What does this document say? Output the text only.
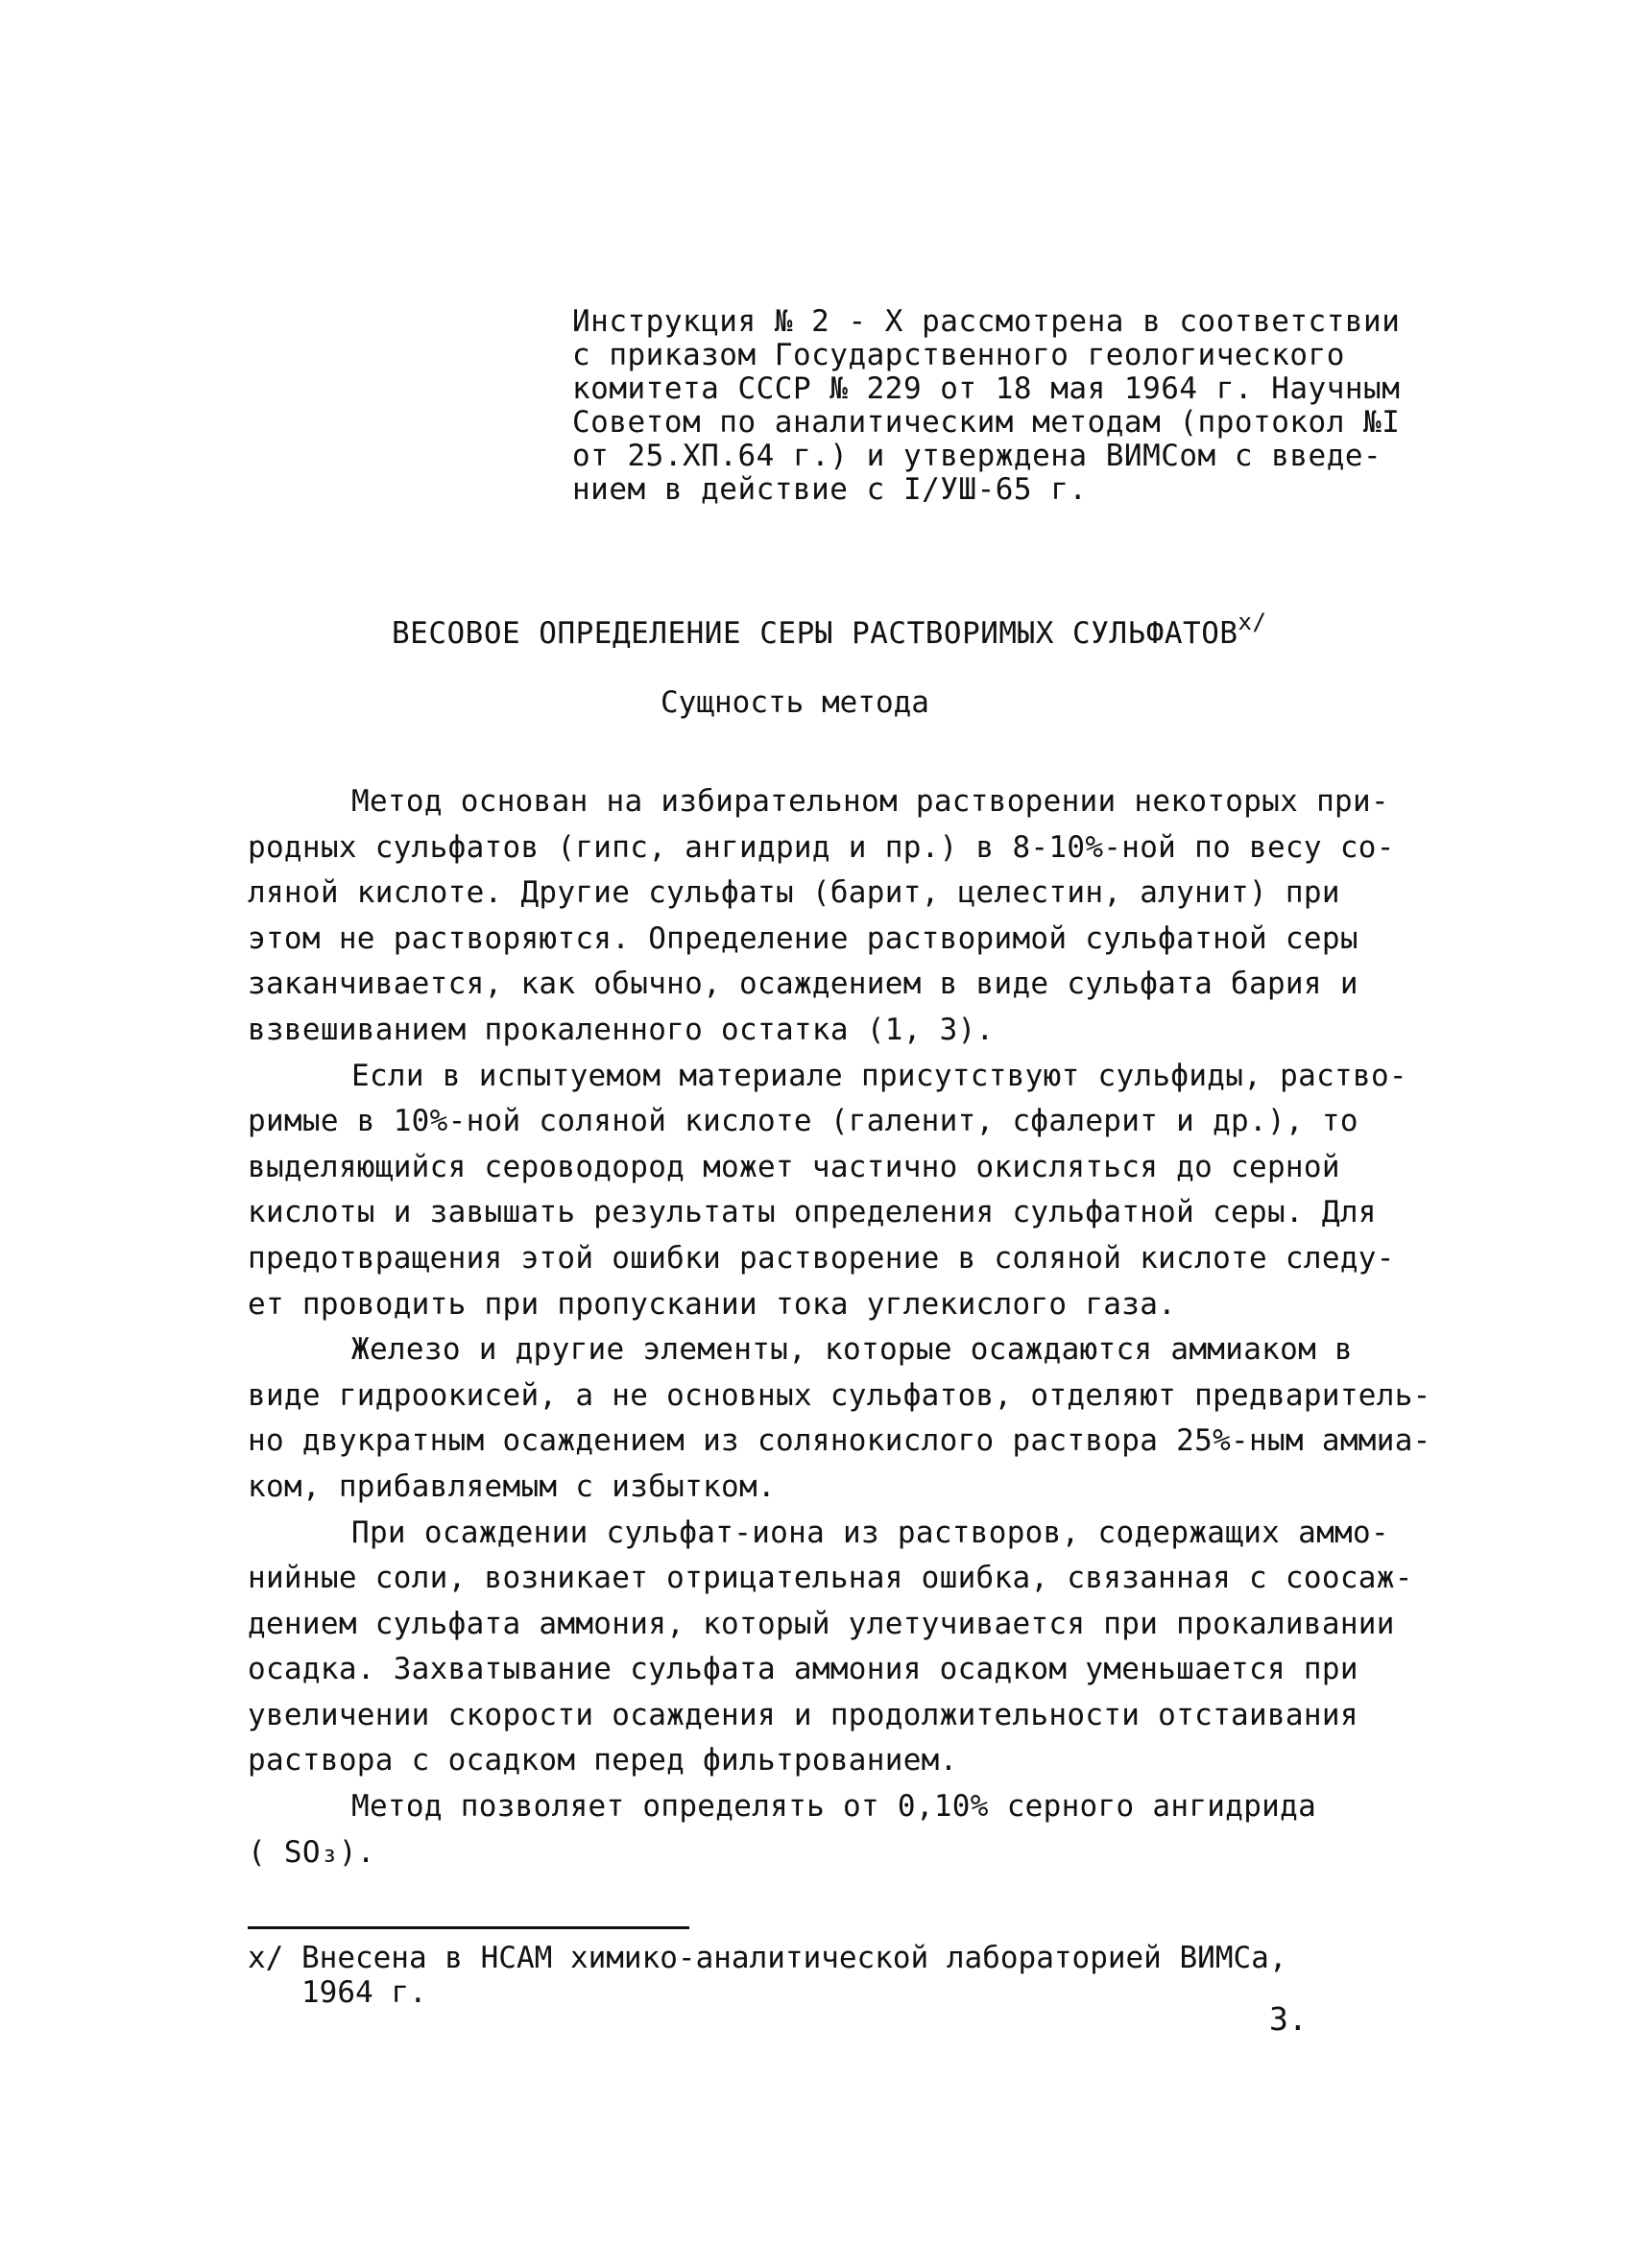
Инструкция № 2 - Х рассмотрена в соответствии
с приказом Государственного геологического
комитета СССР № 229 от 18 мая 1964 г. Научным
Советом по аналитическим методам (протокол №I
от 25.ХП.64 г.) и утверждена ВИМСом с введе-
нием в действие с I/УШ-65 г.
ВЕСОВОЕ ОПРЕДЕЛЕНИЕ СЕРЫ РАСТВОРИМЫХ $СУЛЬФАТОВ^{х/}$
Сущность метода
Метод основан на избирательном растворении некоторых при-
родных сульфатов (гипс, ангидрид и пр.) в 8-10%-ной по весу со-
ляной кислоте. Другие сульфаты (барит, целестин, алунит) при
этом не растворяются. Определение растворимой сульфатной серы
заканчивается, как обычно, осаждением в виде сульфата бария и
взвешиванием прокаленного остатка (1, 3).
Если в испытуемом материале присутствуют сульфиды, раство-
римые в 10%-ной соляной кислоте (галенит, сфалерит и др.), то
выделяющийся сероводород может частично окисляться до серной
кислоты и завышать результаты определения сульфатной серы. Для
предотвращения этой ошибки растворение в соляной кислоте следу-
ет проводить при пропускании тока углекислого газа.
Железо и другие элементы, которые осаждаются аммиаком в
виде гидроокисей, а не основных сульфатов, отделяют предваритель-
но двукратным осаждением из солянокислого раствора 25%-ным аммиа-
ком, прибавляемым с избытком.
При осаждении сульфат-иона из растворов, содержащих аммо-
нийные соли, возникает отрицательная ошибка, связанная с соосаж-
дением сульфата аммония, который улетучивается при прокаливании
осадка. Захватывание сульфата аммония осадком уменьшается при
увеличении скорости осаждения и продолжительности отстаивания
раствора с осадком перед фильтрованием.
Метод позволяет определять от 0,10% серного ангидрида
( SO₃).
х/ Внесена в НСАМ химико-аналитической лабораторией ВИМСа,
1964 г.
3.
